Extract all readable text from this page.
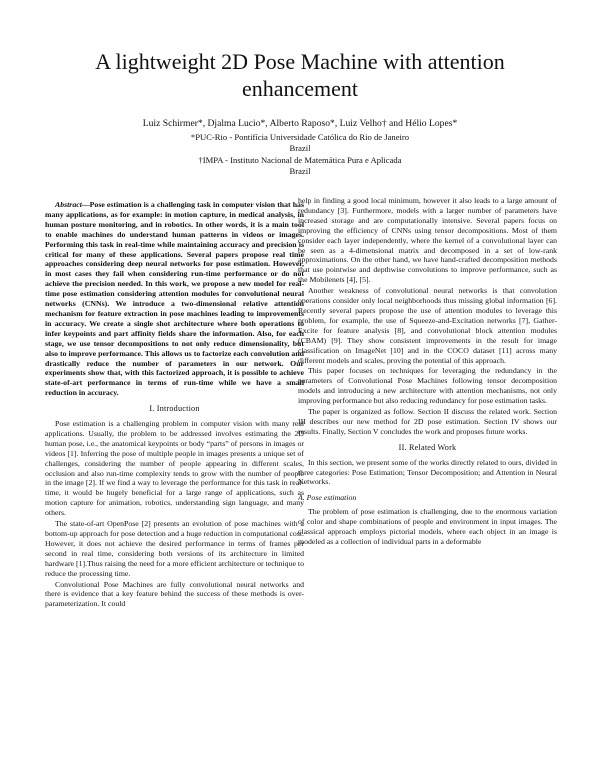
A lightweight 2D Pose Machine with attention enhancement
Luiz Schirmer*, Djalma Lucio*, Alberto Raposo*, Luiz Velho† and Hélio Lopes*
*PUC-Rio - Pontifícia Universidade Católica do Rio de Janeiro
Brazil
†IMPA - Instituto Nacional de Matemática Pura e Aplicada
Brazil

Abstract—Pose estimation is a challenging task in computer vision that has many applications, as for example: in motion capture, in medical analysis, in human posture monitoring, and in robotics. In other words, it is a main tool to enable machines do understand human patterns in videos or images. Performing this task in real-time while maintaining accuracy and precision is critical for many of these applications. Several papers propose real time approaches considering deep neural networks for pose estimation. However, in most cases they fail when considering run-time performance or do not achieve the precision needed. In this work, we propose a new model for real-time pose estimation considering attention modules for convolutional neural networks (CNNs). We introduce a two-dimensional relative attention mechanism for feature extraction in pose machines leading to improvements in accuracy. We create a single shot architecture where both operations to infer keypoints and part affinity fields share the information. Also, for each stage, we use tensor decompositions to not only reduce dimensionality, but also to improve performance. This allows us to factorize each convolution and drastically reduce the number of parameters in our network. Our experiments show that, with this factorized approach, it is possible to achieve state-of-art performance in terms of run-time while we have a small reduction in accuracy.

I. Introduction

Pose estimation is a challenging problem in computer vision with many real applications. Usually, the problem to be addressed involves estimating the 2D human pose, i.e., the anatomical keypoints or body “parts” of persons in images or videos [1]. Inferring the pose of multiple people in images presents a unique set of challenges, considering the number of people appearing in different scales, occlusion and also run-time complexity tends to grow with the number of people in the image [2]. If we find a way to leverage the performance for this task in real-time, it would be hugely beneficial for a large range of applications, such as motion capture for animation, robotics, understanding sign language, and many others.

The state-of-art OpenPose [2] presents an evolution of pose machines with a bottom-up approach for pose detection and a huge reduction in computational cost. However, it does not achieve the desired performance in terms of frames per second in real time, considering both versions of its architecture in limited hardware [1].Thus raising the need for a more efficient architecture or technique to reduce the processing time.

Convolutional Pose Machines are fully convolutional neural networks and there is evidence that a key feature behind the success of these methods is over-parameterization. It could

help in finding a good local minimum, however it also leads to a large amount of redundancy [3]. Furthermore, models with a larger number of parameters have increased storage and are computationally intensive. Several papers focus on improving the efficiency of CNNs using tensor decompositions. Most of them consider each layer independently, where the kernel of a convolutional layer can be seen as a 4-dimensional matrix and decomposed in a set of low-rank approximations. On the other hand, we have hand-crafted decomposition methods that use pointwise and depthwise convolutions to improve performance, such as the Mobilenets [4], [5].

Another weakness of convolutional neural networks is that convolution operations consider only local neighborhoods thus missing global information [6]. Recently several papers propose the use of attention modules to leverage this problem, for example, the use of Squeeze-and-Excitation networks [7], Gather-Excite for feature analysis [8], and convolutional block attention modules (CBAM) [9]. They show consistent improvements in the result for image classification on ImageNet [10] and in the COCO dataset [11] across many different models and scales, proving the potential of this approach.

This paper focuses on techniques for leveraging the redundancy in the parameters of Convolutional Pose Machines following tensor decomposition models and introducing a new architecture with attention mechanisms, not only improving performance but also reducing redundancy for pose estimation tasks.

The paper is organized as follow. Section II discuss the related work. Section III describes our new method for 2D pose estimation. Section IV shows our results. Finally, Section V concludes the work and proposes future works.

II. Related Work

In this section, we present some of the works directly related to ours, divided in three categories: Pose Estimation; Tensor Decomposition; and Attention in Neural Networks.

A. Pose estimation

The problem of pose estimation is challenging, due to the enormous variation of color and shape combinations of people and environment in input images. The classical approach employs pictorial models, where each object in an image is modeled as a collection of individual parts in a deformable
